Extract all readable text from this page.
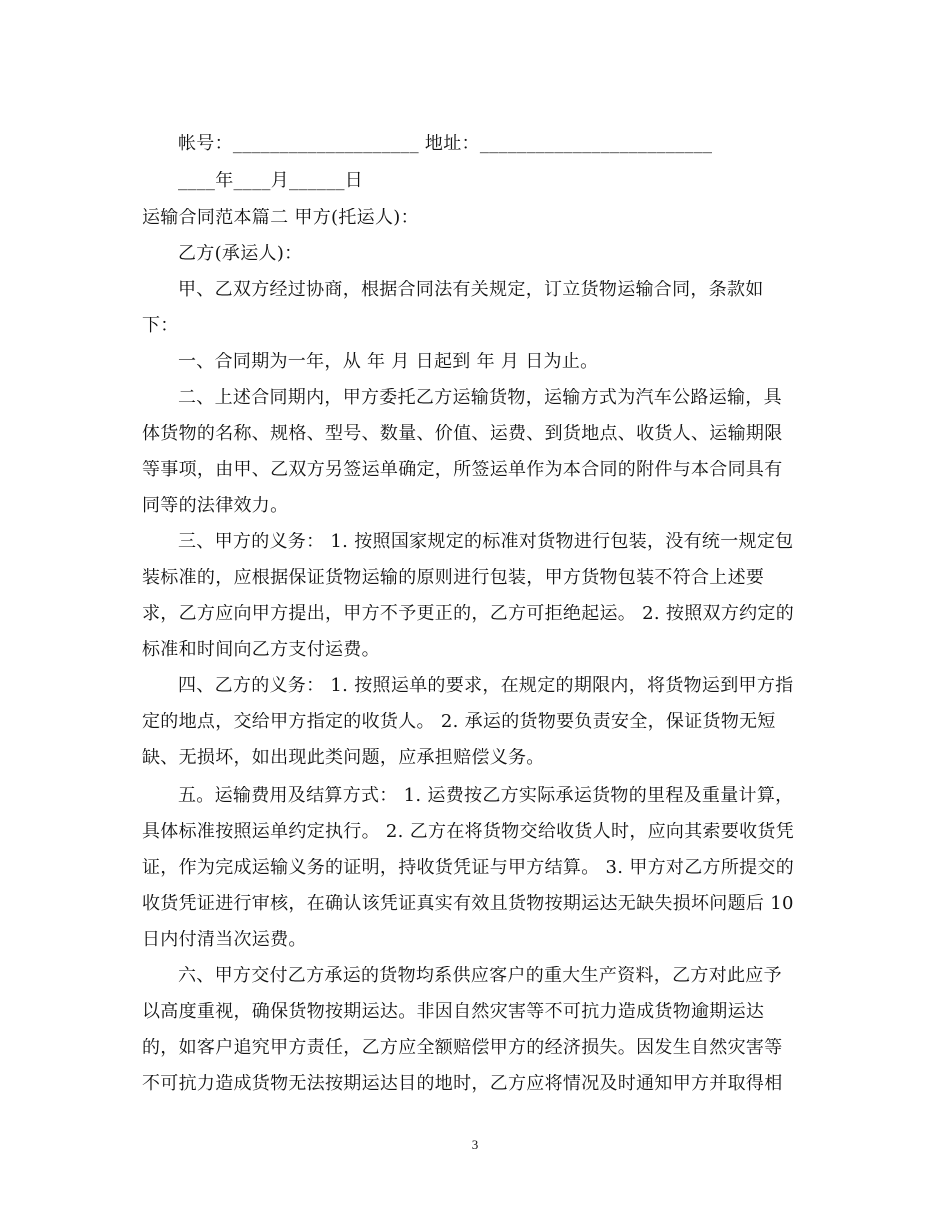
帐号：____________________ 地址：_________________________
____年____月______日
运输合同范本篇二 甲方(托运人)：
乙方(承运人)：
甲、乙双方经过协商，根据合同法有关规定，订立货物运输合同，条款如
下：
一、合同期为一年，从 年 月 日起到 年 月 日为止。
二、上述合同期内，甲方委托乙方运输货物，运输方式为汽车公路运输，具
体货物的名称、规格、型号、数量、价值、运费、到货地点、收货人、运输期限
等事项，由甲、乙双方另签运单确定，所签运单作为本合同的附件与本合同具有
同等的法律效力。
三、甲方的义务： 1. 按照国家规定的标准对货物进行包装，没有统一规定包
装标准的，应根据保证货物运输的原则进行包装，甲方货物包装不符合上述要
求，乙方应向甲方提出，甲方不予更正的，乙方可拒绝起运。 2. 按照双方约定的
标准和时间向乙方支付运费。
四、乙方的义务： 1. 按照运单的要求，在规定的期限内，将货物运到甲方指
定的地点，交给甲方指定的收货人。 2. 承运的货物要负责安全，保证货物无短
缺、无损坏，如出现此类问题，应承担赔偿义务。
五。运输费用及结算方式： 1. 运费按乙方实际承运货物的里程及重量计算，
具体标准按照运单约定执行。 2. 乙方在将货物交给收货人时，应向其索要收货凭
证，作为完成运输义务的证明，持收货凭证与甲方结算。 3. 甲方对乙方所提交的
收货凭证进行审核，在确认该凭证真实有效且货物按期运达无缺失损坏问题后 10
日内付清当次运费。
六、甲方交付乙方承运的货物均系供应客户的重大生产资料，乙方对此应予
以高度重视，确保货物按期运达。非因自然灾害等不可抗力造成货物逾期运达
的，如客户追究甲方责任，乙方应全额赔偿甲方的经济损失。因发生自然灾害等
不可抗力造成货物无法按期运达目的地时，乙方应将情况及时通知甲方并取得相
3
